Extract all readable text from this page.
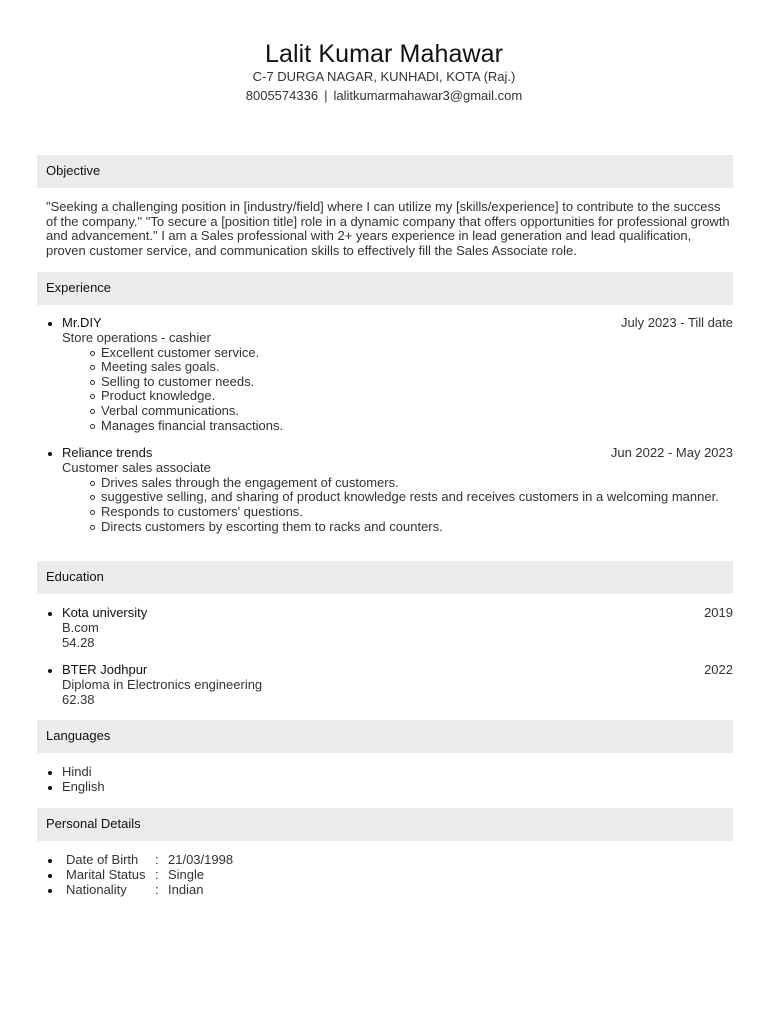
Lalit Kumar Mahawar
C-7 DURGA NAGAR, KUNHADI, KOTA (Raj.)
8005574336 | lalitkumarmahawar3@gmail.com
Objective
"Seeking a challenging position in [industry/field] where I can utilize my [skills/experience] to contribute to the success of the company." "To secure a [position title] role in a dynamic company that offers opportunities for professional growth and advancement." I am a Sales professional with 2+ years experience in lead generation and lead qualification, proven customer service, and communication skills to effectively fill the Sales Associate role.
Experience
Mr.DIY	July 2023 - Till date
Store operations - cashier
Excellent customer service.
Meeting sales goals.
Selling to customer needs.
Product knowledge.
Verbal communications.
Manages financial transactions.
Reliance trends	Jun 2022 - May 2023
Customer sales associate
Drives sales through the engagement of customers.
suggestive selling, and sharing of product knowledge rests and receives customers in a welcoming manner.
Responds to customers' questions.
Directs customers by escorting them to racks and counters.
Education
Kota university	2019
B.com
54.28
BTER Jodhpur	2022
Diploma in Electronics engineering
62.38
Languages
Hindi
English
Personal Details
Date of Birth	: 21/03/1998
Marital Status : Single
Nationality	: Indian
